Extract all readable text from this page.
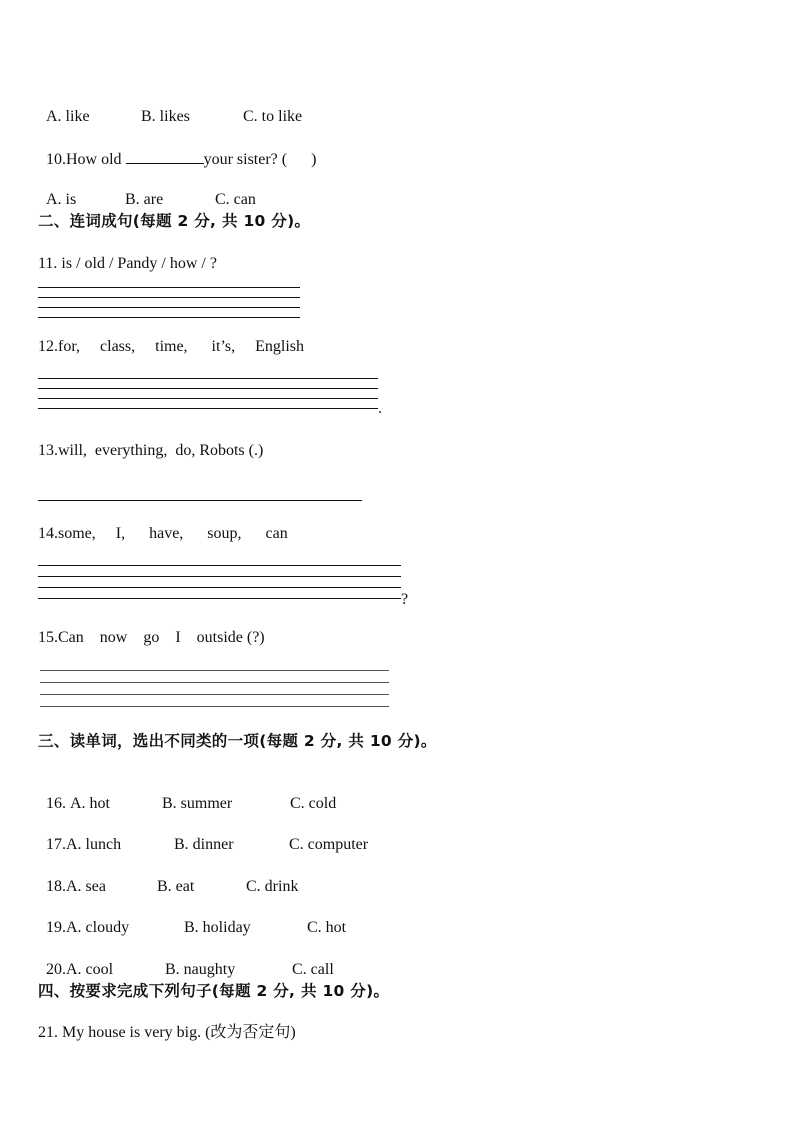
A. like	B. likes	C. to like

10.How old	your sister? (      )

A. is	B. are	C. can

二、连词成句(每题 2 分, 共 10 分)。
11. is / old / Pandy / how / ?
12.for,     class,     time,      it’s,     English
.
13.will,  everything,  do, Robots (.)
14.some,     I,      have,      soup,      can
?
15.Can    now    go    I    outside (?)
三、读单词，选出不同类的一项(每题 2 分, 共 10 分)。

16. A. hot	B. summer	C. cold

17.A. lunch	B. dinner	C. computer

18.A. sea	B. eat	C. drink

19.A. cloudy	B. holiday	C. hot

20.A. cool	B. naughty	C. call

四、按要求完成下列句子(每题 2 分, 共 10 分)。
21. My house is very big. (改为否定句)
